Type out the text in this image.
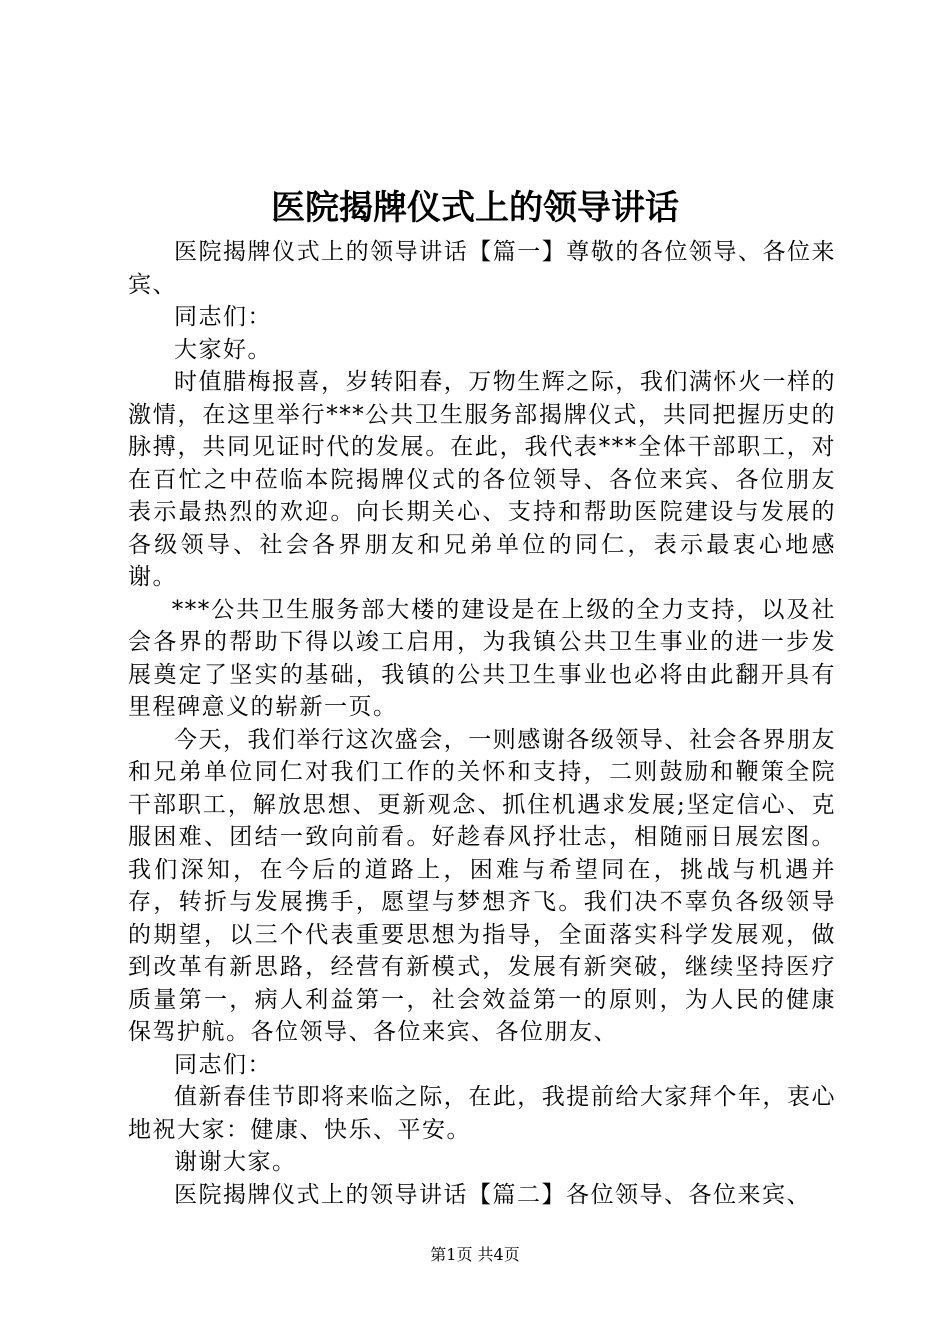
医院揭牌仪式上的领导讲话

医院揭牌仪式上的领导讲话【篇一】尊敬的各位领导、各位来宾、

同志们：

大家好。

时值腊梅报喜，岁转阳春，万物生辉之际，我们满怀火一样的激情，在这里举行***公共卫生服务部揭牌仪式，共同把握历史的脉搏，共同见证时代的发展。在此，我代表***全体干部职工，对在百忙之中莅临本院揭牌仪式的各位领导、各位来宾、各位朋友表示最热烈的欢迎。向长期关心、支持和帮助医院建设与发展的各级领导、社会各界朋友和兄弟单位的同仁，表示最衷心地感谢。

***公共卫生服务部大楼的建设是在上级的全力支持，以及社会各界的帮助下得以竣工启用，为我镇公共卫生事业的进一步发展奠定了坚实的基础，我镇的公共卫生事业也必将由此翻开具有里程碑意义的崭新一页。

今天，我们举行这次盛会，一则感谢各级领导、社会各界朋友和兄弟单位同仁对我们工作的关怀和支持，二则鼓励和鞭策全院干部职工，解放思想、更新观念、抓住机遇求发展;坚定信心、克服困难、团结一致向前看。好趁春风抒壮志，相随丽日展宏图。我们深知，在今后的道路上，困难与希望同在，挑战与机遇并存，转折与发展携手，愿望与梦想齐飞。我们决不辜负各级领导的期望，以三个代表重要思想为指导，全面落实科学发展观，做到改革有新思路，经营有新模式，发展有新突破，继续坚持医疗质量第一，病人利益第一，社会效益第一的原则，为人民的健康保驾护航。各位领导、各位来宾、各位朋友、

同志们：

值新春佳节即将来临之际，在此，我提前给大家拜个年，衷心地祝大家：健康、快乐、平安。

谢谢大家。

医院揭牌仪式上的领导讲话【篇二】各位领导、各位来宾、

第1页 共4页
